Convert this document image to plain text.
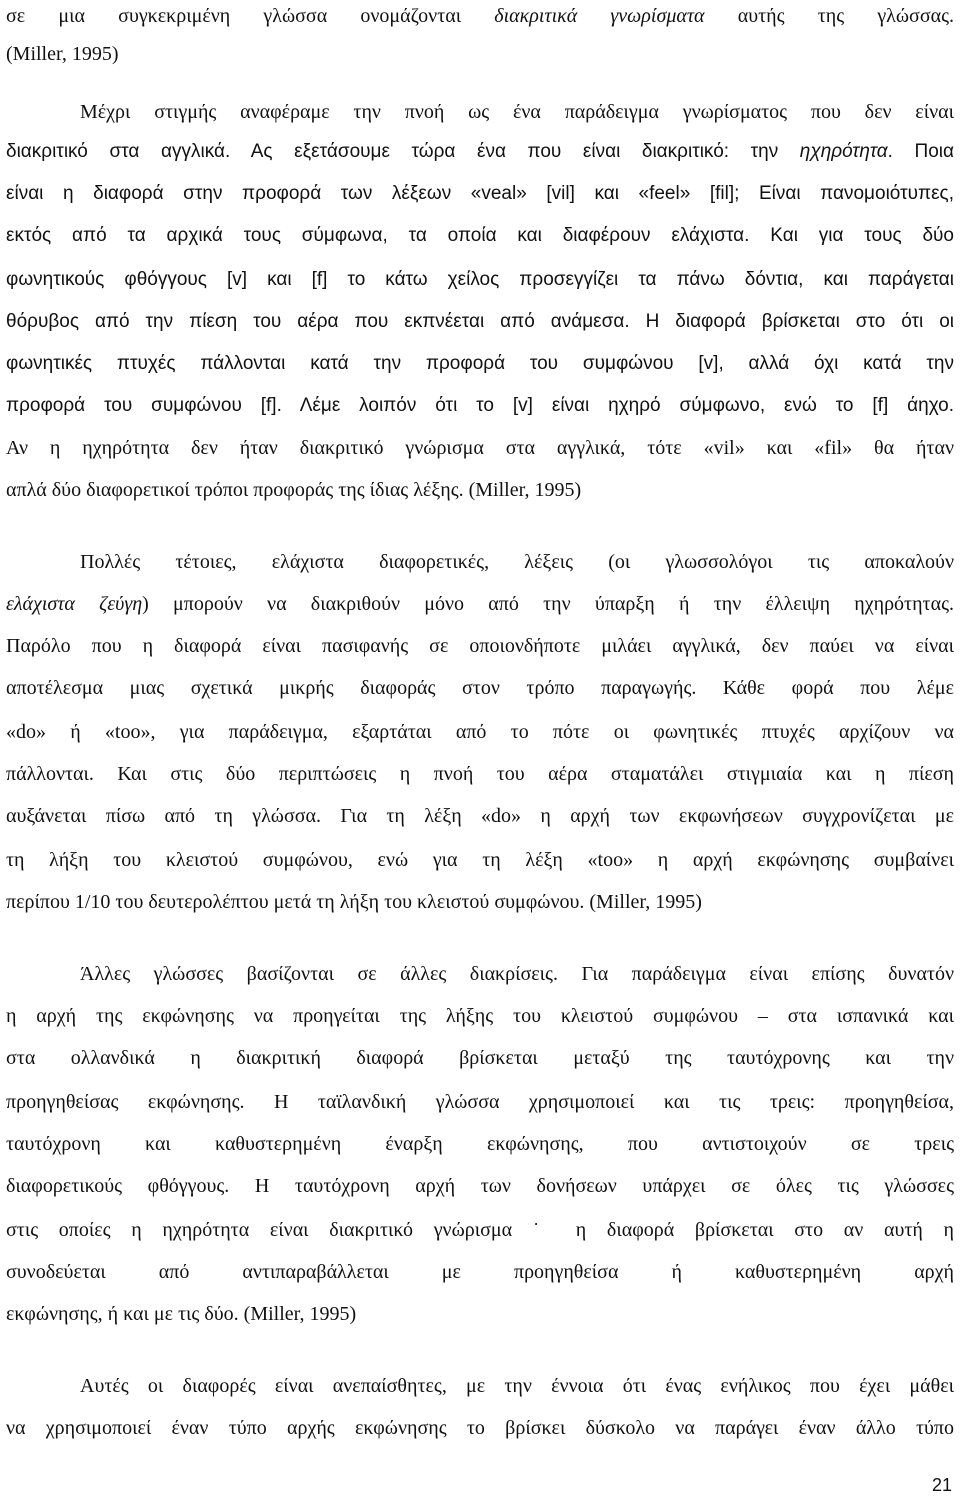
σε μια συγκεκριμένη γλώσσα ονομάζονται διακριτικά γνωρίσματα αυτής της γλώσσας.
(Miller, 1995)
Μέχρι στιγμής αναφέραμε την πνοή ως ένα παράδειγμα γνωρίσματος που δεν είναι
διακριτικό στα αγγλικά. Ας εξετάσουμε τώρα ένα που είναι διακριτικό: την ηχηρότητα. Ποια
είναι η διαφορά στην προφορά των λέξεων «veal» [vil] και «feel» [fil]; Είναι πανομοιότυπες,
εκτός από τα αρχικά τους σύμφωνα, τα οποία και διαφέρουν ελάχιστα. Και για τους δύο
φωνητικούς φθόγγους [v] και [f] το κάτω χείλος προσεγγίζει τα πάνω δόντια, και παράγεται
θόρυβος από την πίεση του αέρα που εκπνέεται από ανάμεσα. Η διαφορά βρίσκεται στο ότι οι
φωνητικές πτυχές πάλλονται κατά την προφορά του συμφώνου [v], αλλά όχι κατά την
προφορά του συμφώνου [f]. Λέμε λοιπόν ότι το [v] είναι ηχηρό σύμφωνο, ενώ το [f] άηχο.
Αν η ηχηρότητα δεν ήταν διακριτικό γνώρισμα στα αγγλικά, τότε «vil» και «fil» θα ήταν
απλά δύο διαφορετικοί τρόποι προφοράς της ίδιας λέξης. (Miller, 1995)
Πολλές τέτοιες, ελάχιστα διαφορετικές, λέξεις (οι γλωσσολόγοι τις αποκαλούν
ελάχιστα ζεύγη) μπορούν να διακριθούν μόνο από την ύπαρξη ή την έλλειψη ηχηρότητας.
Παρόλο που η διαφορά είναι πασιφανής σε οποιονδήποτε μιλάει αγγλικά, δεν παύει να είναι
αποτέλεσμα μιας σχετικά μικρής διαφοράς στον τρόπο παραγωγής. Κάθε φορά που λέμε
«do» ή «too», για παράδειγμα, εξαρτάται από το πότε οι φωνητικές πτυχές αρχίζουν να
πάλλονται. Και στις δύο περιπτώσεις η πνοή του αέρα σταματάλει στιγμιαία και η πίεση
αυξάνεται πίσω από τη γλώσσα. Για τη λέξη «do» η αρχή των εκφωνήσεων συγχρονίζεται με
τη λήξη του κλειστού συμφώνου, ενώ για τη λέξη «too» η αρχή εκφώνησης συμβαίνει
περίπου 1/10 του δευτερολέπτου μετά τη λήξη του κλειστού συμφώνου. (Miller, 1995)
Άλλες γλώσσες βασίζονται σε άλλες διακρίσεις. Για παράδειγμα είναι επίσης δυνατόν
η αρχή της εκφώνησης να προηγείται της λήξης του κλειστού συμφώνου – στα ισπανικά και
στα ολλανδικά η διακριτική διαφορά βρίσκεται μεταξύ της ταυτόχρονης και την
προηγηθείσας εκφώνησης. Η ταϊλανδική γλώσσα χρησιμοποιεί και τις τρεις: προηγηθείσα,
ταυτόχρονη και καθυστερημένη έναρξη εκφώνησης, που αντιστοιχούν σε τρεις
διαφορετικούς φθόγγους. Η ταυτόχρονη αρχή των δονήσεων υπάρχει σε όλες τις γλώσσες
στις οποίες η ηχηρότητα είναι διακριτικό γνώρισμα ˙ η διαφορά βρίσκεται στο αν αυτή η
συνοδεύεται από αντιπαραβάλλεται με προηγηθείσα ή καθυστερημένη αρχή
εκφώνησης, ή και με τις δύο. (Miller, 1995)
Αυτές οι διαφορές είναι ανεπαίσθητες, με την έννοια ότι ένας ενήλικος που έχει μάθει
να χρησιμοποιεί έναν τύπο αρχής εκφώνησης το βρίσκει δύσκολο να παράγει έναν άλλο τύπο
21
